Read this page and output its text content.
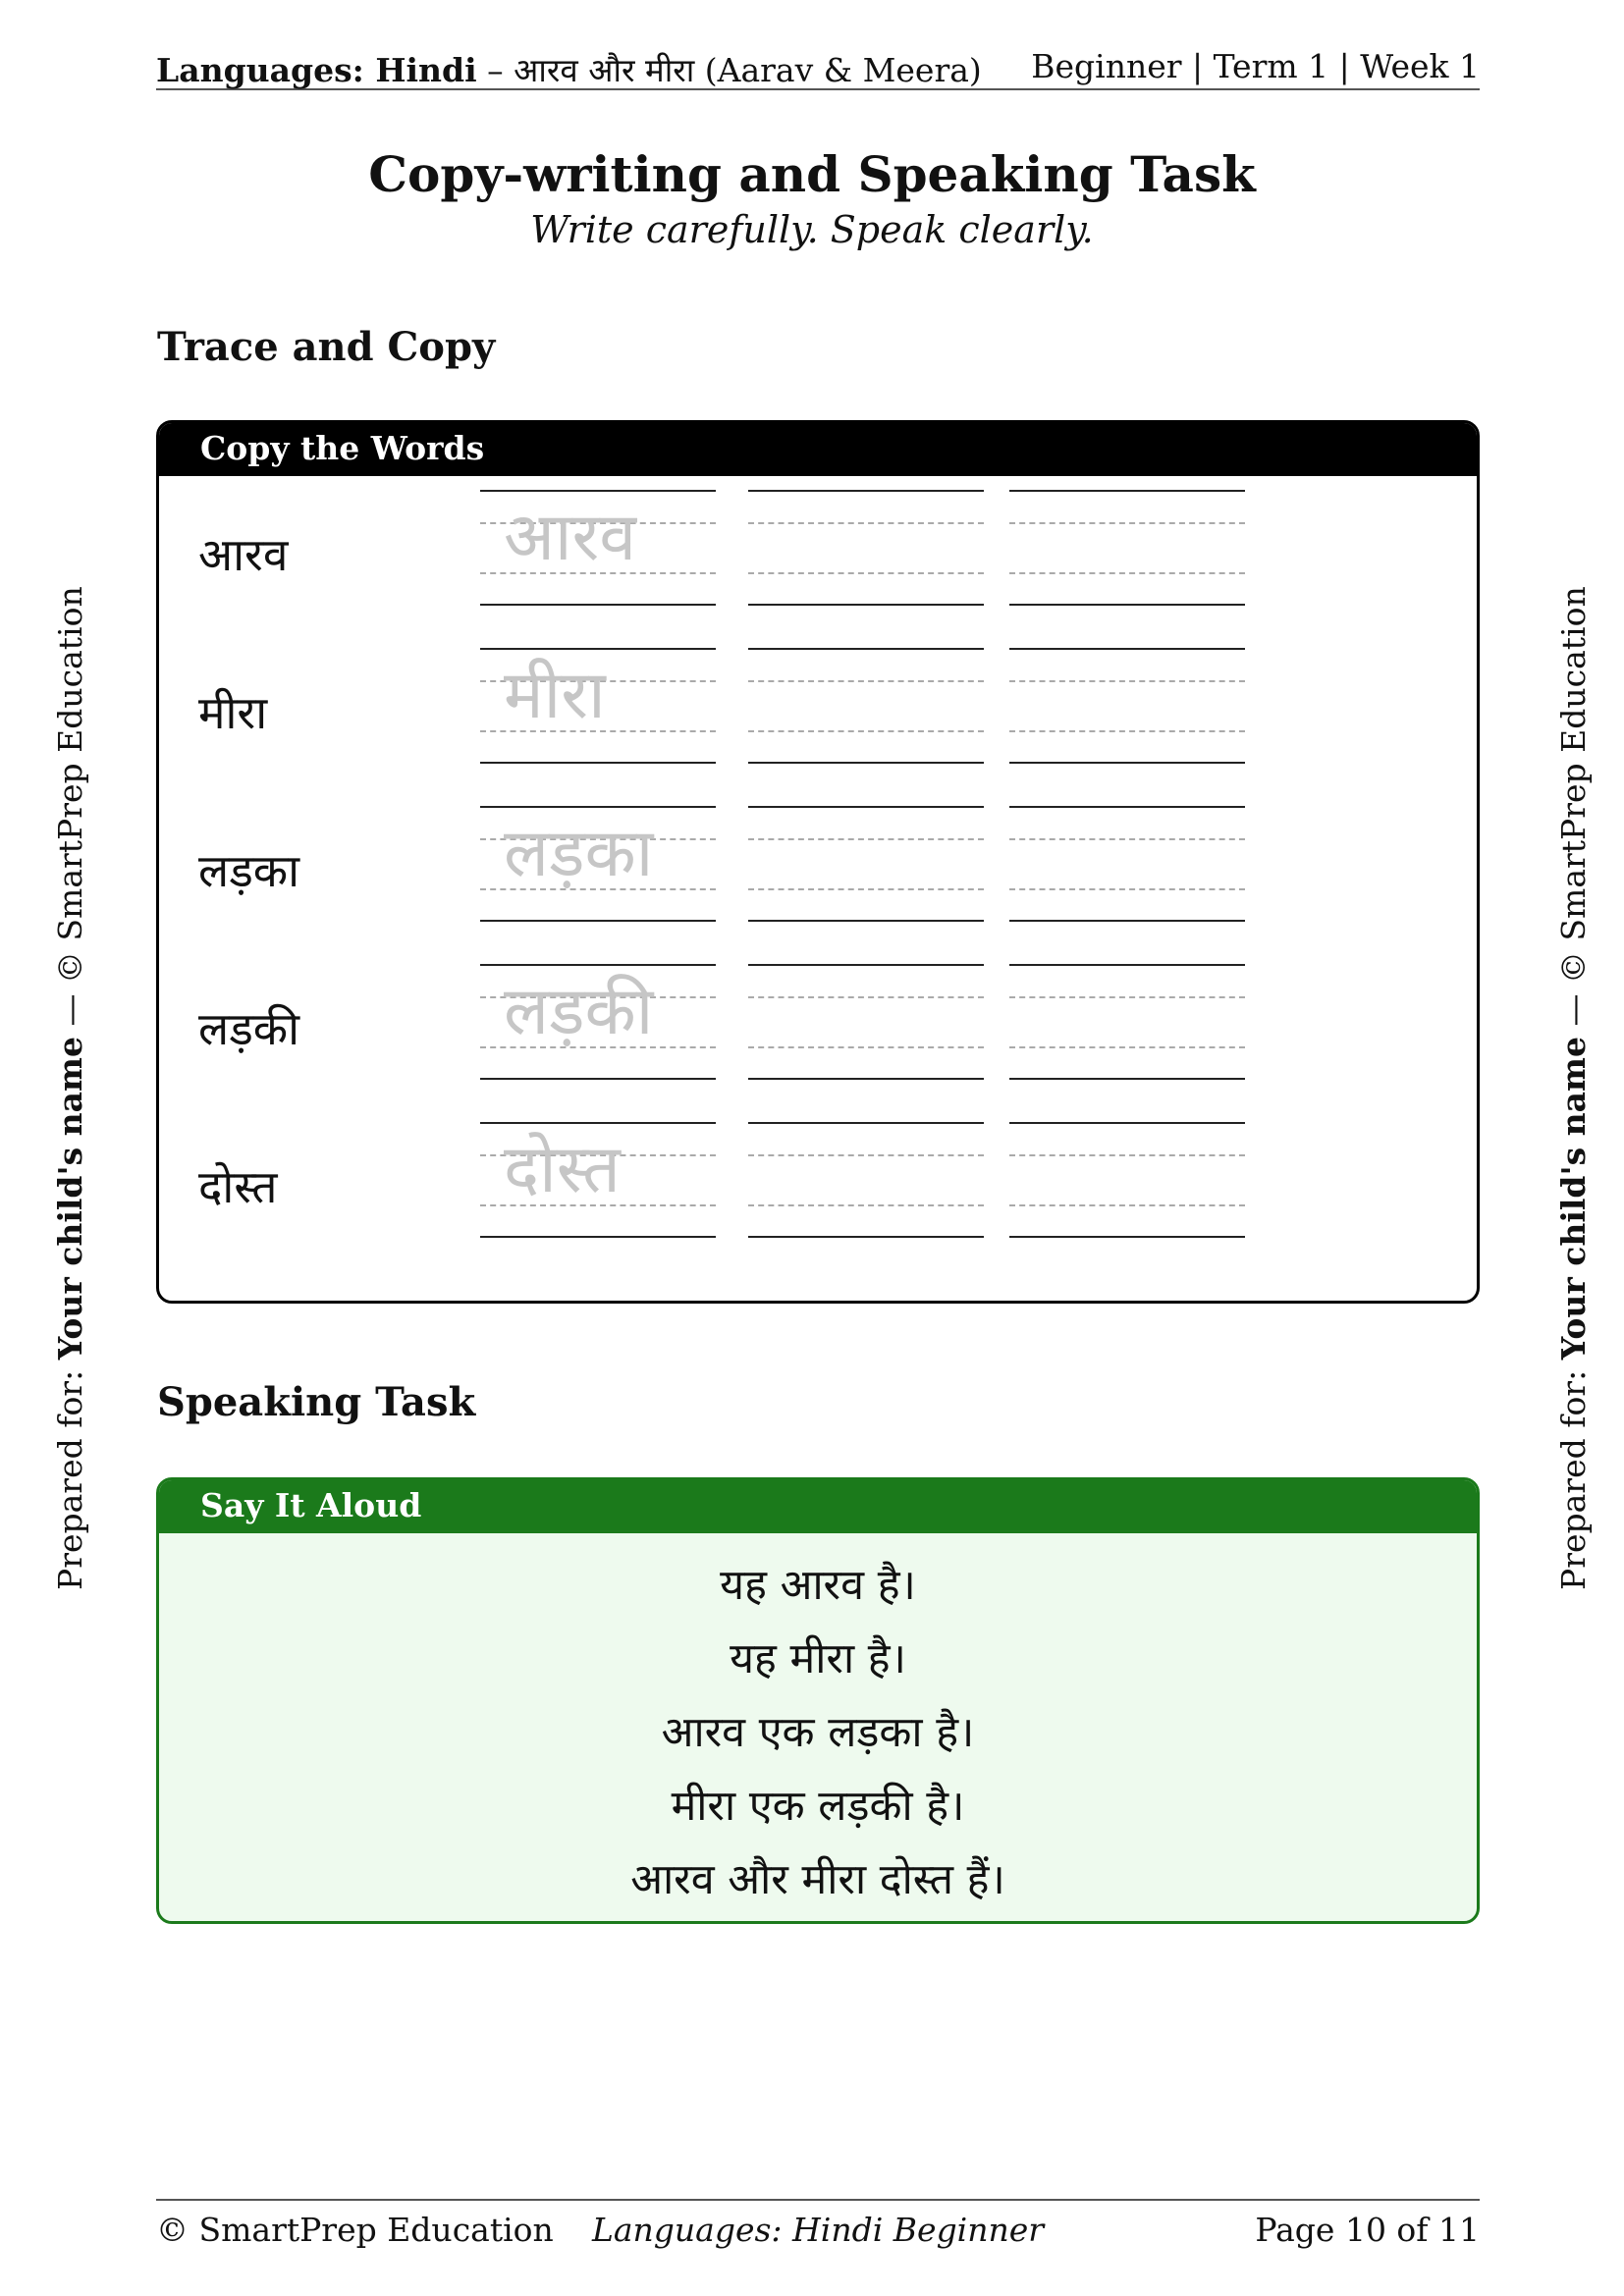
Languages: Hindi – आरव और मीरा (Aarav & Meera) Beginner | Term 1 | Week 1
Copy-writing and Speaking Task
Write carefully. Speak clearly.
Trace and Copy
Copy the Words
आरव	आरव
मीरा	मीरा
लड़का	लड़का
लड़की	लड़की
दोस्त	दोस्त
Speaking Task
Say It Aloud
यह आरव है।
यह मीरा है।
आरव एक लड़का है।
मीरा एक लड़की है।
आरव और मीरा दोस्त हैं।
Prepared for: Your child's name — © SmartPrep Education
Prepared for: Your child's name — © SmartPrep Education
© SmartPrep Education	Languages: Hindi Beginner	Page 10 of 11
